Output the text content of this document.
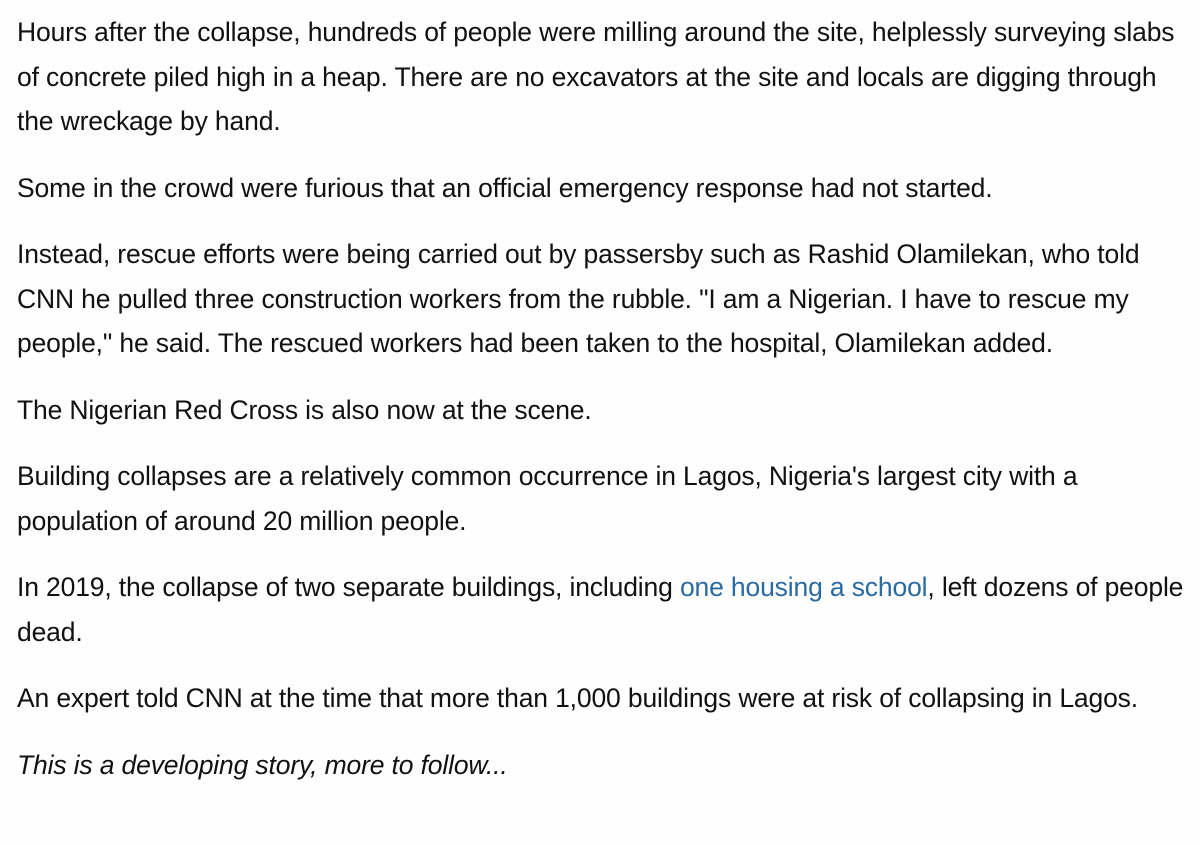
Hours after the collapse, hundreds of people were milling around the site, helplessly surveying slabs of concrete piled high in a heap. There are no excavators at the site and locals are digging through the wreckage by hand.

Some in the crowd were furious that an official emergency response had not started.

Instead, rescue efforts were being carried out by passersby such as Rashid Olamilekan, who told CNN he pulled three construction workers from the rubble. "I am a Nigerian. I have to rescue my people," he said. The rescued workers had been taken to the hospital, Olamilekan added.

The Nigerian Red Cross is also now at the scene.

Building collapses are a relatively common occurrence in Lagos, Nigeria's largest city with a population of around 20 million people.

In 2019, the collapse of two separate buildings, including one housing a school, left dozens of people dead.

An expert told CNN at the time that more than 1,000 buildings were at risk of collapsing in Lagos.

This is a developing story, more to follow...
